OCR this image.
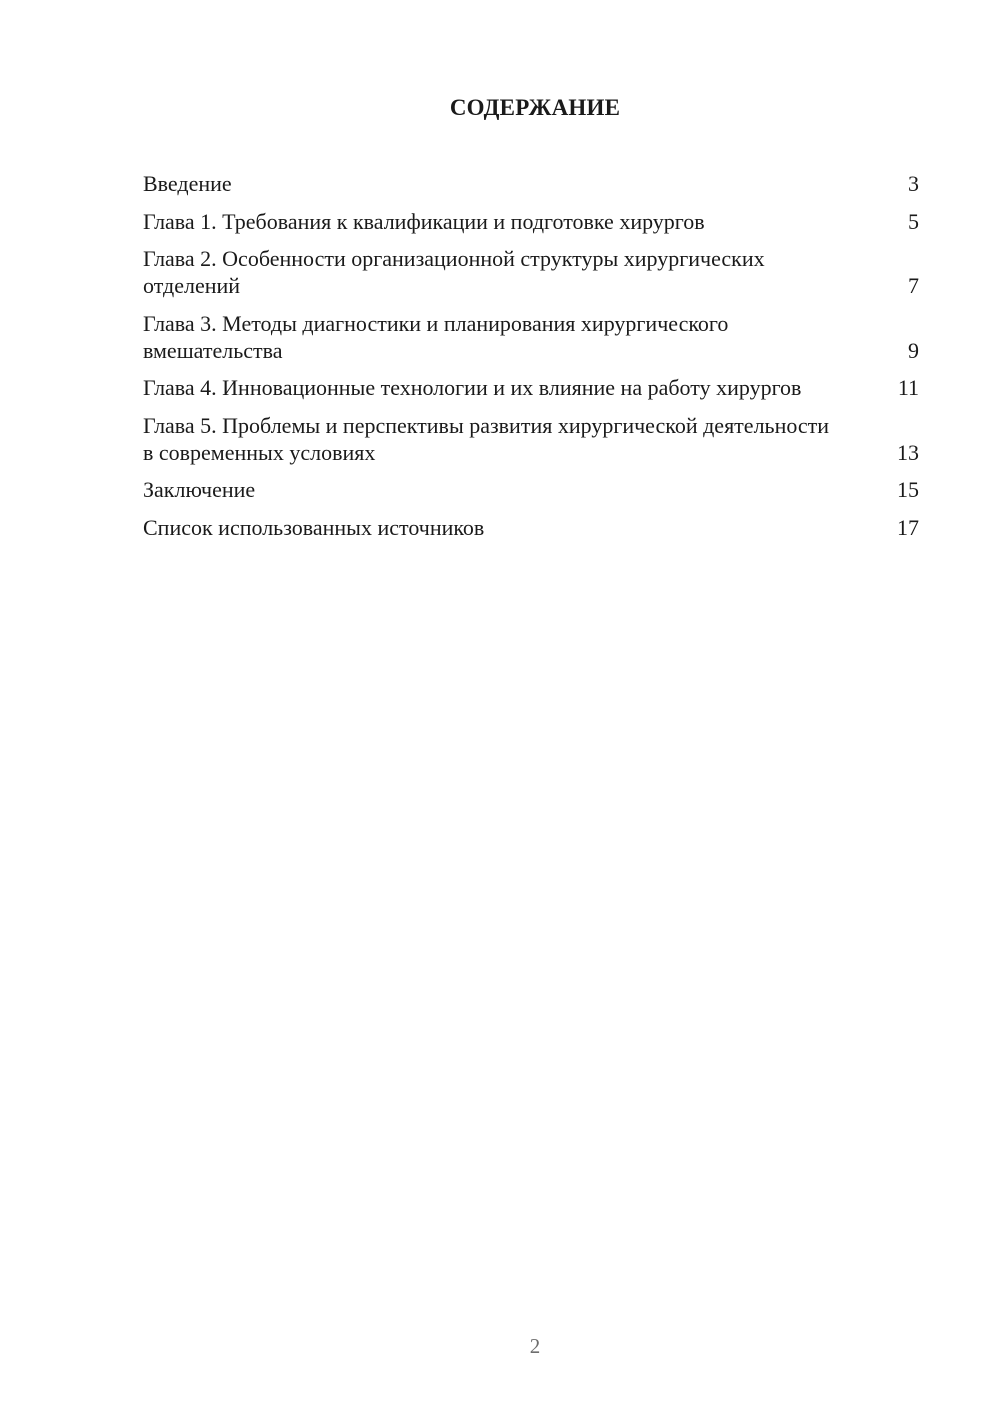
СОДЕРЖАНИЕ
Введение	3
Глава 1. Требования к квалификации и подготовке хирургов	5
Глава 2. Особенности организационной структуры хирургических отделений	7
Глава 3. Методы диагностики и планирования хирургического вмешательства	9
Глава 4. Инновационные технологии и их влияние на работу хирургов	11
Глава 5. Проблемы и перспективы развития хирургической деятельности в современных условиях	13
Заключение	15
Список использованных источников	17

2
